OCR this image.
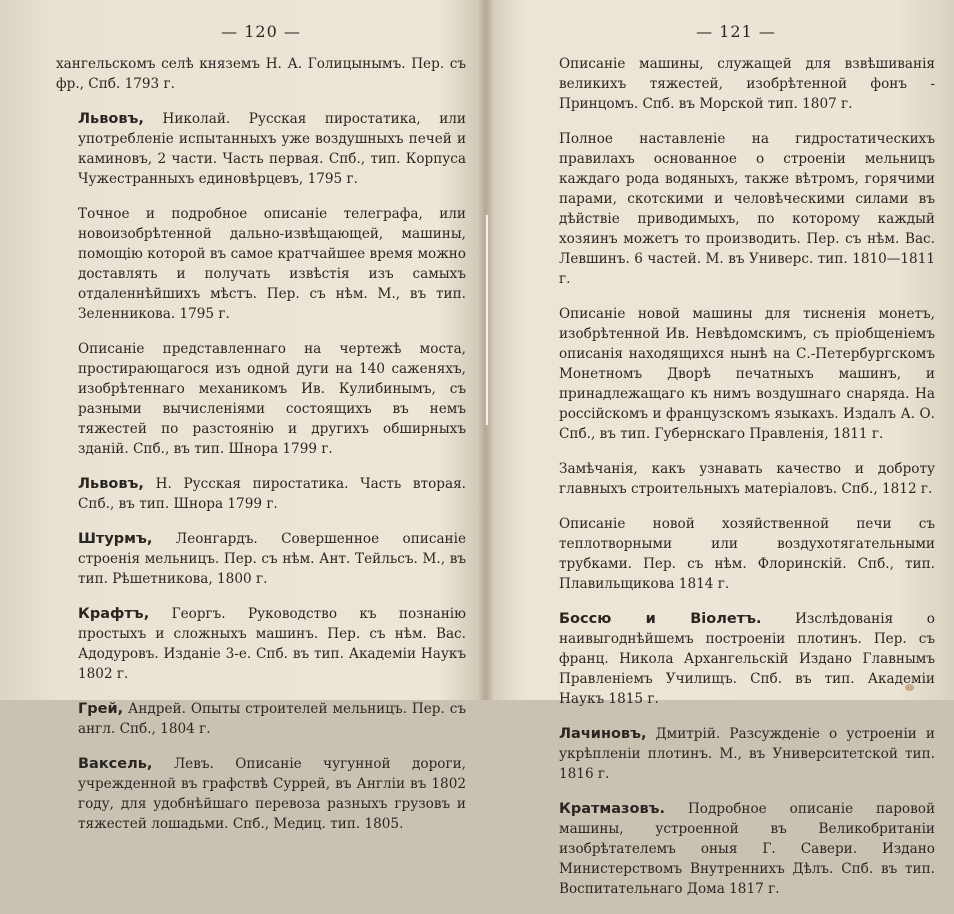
— 120 —
хангельскомъ селѣ княземъ Н. А. Голицынымъ. Пер. съ фр., Спб. 1793 г.
Львовъ, Николай. Русская пиростатика, или употребленіе испытанныхъ уже воздушныхъ печей и каминовъ, 2 части. Часть первая. Спб., тип. Корпуса Чужестранныхъ единовѣрцевъ, 1795 г.
Точное и подробное описаніе телеграфа, или новоизобрѣтенной дально-извѣщающей, машины, помощію которой въ самое кратчайшее время можно доставлять и получать извѣстія изъ самыхъ отдаленнѣйшихъ мѣстъ. Пер. съ нѣм. М., въ тип. Зеленникова. 1795 г.
Описаніе представленнаго на чертежѣ моста, простирающагося изъ одной дуги на 140 саженяхъ, изобрѣтеннаго механикомъ Ив. Кулибинымъ, съ разными вычисленіями состоящихъ въ немъ тяжестей по разстоянію и другихъ обширныхъ зданій. Спб., въ тип. Шнора 1799 г.
Львовъ, Н. Русская пиростатика. Часть вторая. Спб., въ тип. Шнора 1799 г.
Штурмъ, Леонгардъ. Совершенное описаніе строенія мельницъ. Пер. съ нѣм. Ант. Тейльсъ. М., въ тип. Рѣшетникова, 1800 г.
Крафтъ, Георгъ. Руководство къ познанію простыхъ и сложныхъ машинъ. Пер. съ нѣм. Вас. Адодуровъ. Изданіе 3-е. Спб. въ тип. Академіи Наукъ 1802 г.
Грей, Андрей. Опыты строителей мельницъ. Пер. съ англ. Спб., 1804 г.
Ваксель, Левъ. Описаніе чугунной дороги, учрежденной въ графствѣ Суррей, въ Англіи въ 1802 году, для удобнѣйшаго перевоза разныхъ грузовъ и тяжестей лошадьми. Спб., Медиц. тип. 1805.
— 121 —
Описаніе машины, служащей для взвѣшиванія великихъ тяжестей, изобрѣтенной фонъ - Принцомъ. Спб. въ Морской тип. 1807 г.
Полное наставленіе на гидростатическихъ правилахъ основанное о строеніи мельницъ каждаго рода водяныхъ, также вѣтромъ, горячими парами, скотскими и человѣческими силами въ дѣйствіе приводимыхъ, по которому каждый хозяинъ можетъ то производить. Пер. съ нѣм. Вас. Левшинъ. 6 частей. М. въ Универс. тип. 1810—1811 г.
Описаніе новой машины для тисненія монетъ, изобрѣтенной Ив. Невѣдомскимъ, съ пріобщеніемъ описанія находящихся нынѣ на С.-Петербургскомъ Монетномъ Дворѣ печатныхъ машинъ, и принадлежащаго къ нимъ воздушнаго снаряда. На россійскомъ и французскомъ языкахъ. Издалъ А. О. Спб., въ тип. Губернскаго Правленія, 1811 г.
Замѣчанія, какъ узнавать качество и доброту главныхъ строительныхъ матеріаловъ. Спб., 1812 г.
Описаніе новой хозяйственной печи съ теплотворными или воздухотягательными трубками. Пер. съ нѣм. Флоринскій. Спб., тип. Плавильщикова 1814 г.
Боссю и Віолетъ. Изслѣдованія о наивыгоднѣйшемъ построеніи плотинъ. Пер. съ франц. Никола Архангельскій Издано Главнымъ Правленіемъ Училищъ. Спб. въ тип. Академіи Наукъ 1815 г.
Лачиновъ, Дмитрій. Разсужденіе о устроеніи и укрѣпленіи плотинъ. М., въ Университетской тип. 1816 г.
Кратмазовъ. Подробное описаніе паровой машины, устроенной въ Великобританіи изобрѣтателемъ оныя Г. Савери. Издано Министерствомъ Внутреннихъ Дѣлъ. Спб. въ тип. Воспитательнаго Дома 1817 г.
